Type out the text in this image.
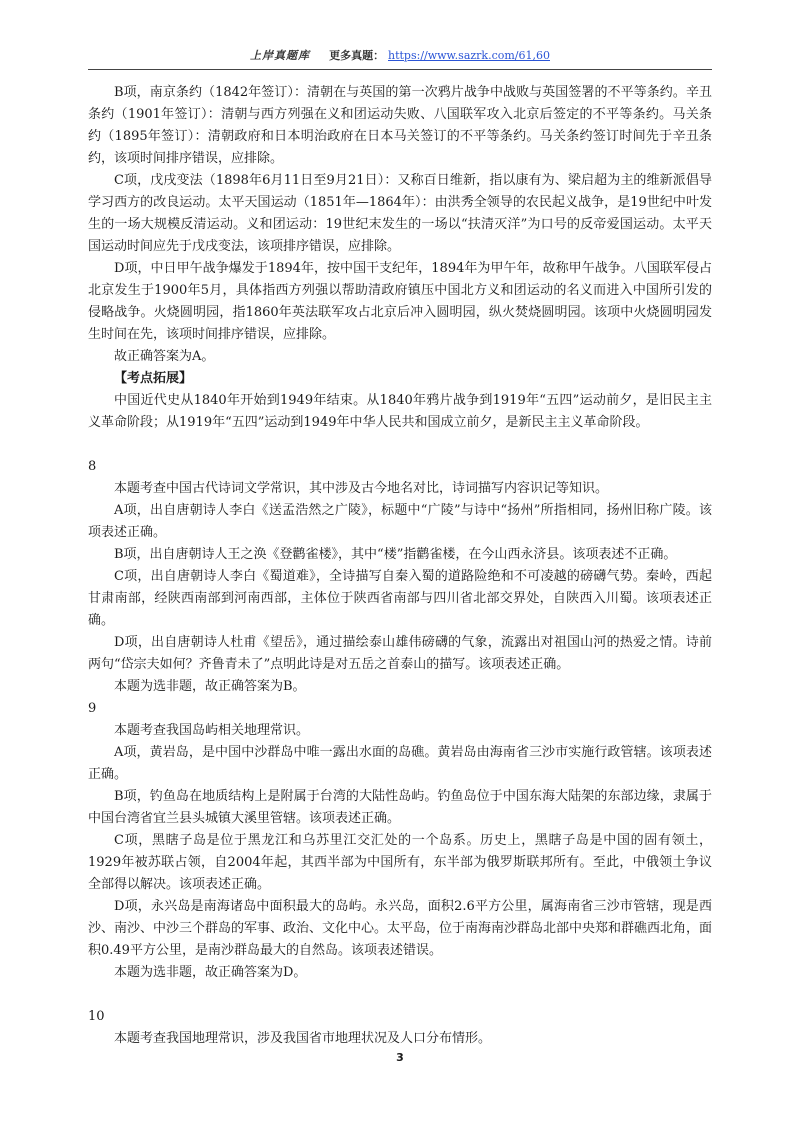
上岸真题库 更多真题： https://www.sazrk.com/61,60

B项，南京条约（1842年签订）：清朝在与英国的第一次鸦片战争中战败与英国签署的不平等条约。辛丑条约（1901年签订）：清朝与西方列强在义和团运动失败、八国联军攻入北京后签定的不平等条约。马关条约（1895年签订）：清朝政府和日本明治政府在日本马关签订的不平等条约。马关条约签订时间先于辛丑条约，该项时间排序错误，应排除。

C项，戊戌变法（1898年6月11日至9月21日）：又称百日维新，指以康有为、梁启超为主的维新派倡导学习西方的改良运动。太平天国运动（1851年—1864年）：由洪秀全领导的农民起义战争，是19世纪中叶发生的一场大规模反清运动。义和团运动：19世纪末发生的一场以“扶清灭洋”为口号的反帝爱国运动。太平天国运动时间应先于戊戌变法，该项排序错误，应排除。

D项，中日甲午战争爆发于1894年，按中国干支纪年，1894年为甲午年，故称甲午战争。八国联军侵占北京发生于1900年5月，具体指西方列强以帮助清政府镇压中国北方义和团运动的名义而进入中国所引发的侵略战争。火烧圆明园，指1860年英法联军攻占北京后冲入圆明园，纵火焚烧圆明园。该项中火烧圆明园发生时间在先，该项时间排序错误，应排除。

故正确答案为A。

【考点拓展】

中国近代史从1840年开始到1949年结束。从1840年鸦片战争到1919年“五四”运动前夕，是旧民主主义革命阶段；从1919年“五四”运动到1949年中华人民共和国成立前夕，是新民主主义革命阶段。

8

本题考查中国古代诗词文学常识，其中涉及古今地名对比，诗词描写内容识记等知识。

A项，出自唐朝诗人李白《送孟浩然之广陵》，标题中“广陵”与诗中“扬州”所指相同，扬州旧称广陵。该项表述正确。

B项，出自唐朝诗人王之涣《登鹳雀楼》，其中“楼”指鹳雀楼，在今山西永济县。该项表述不正确。

C项，出自唐朝诗人李白《蜀道难》，全诗描写自秦入蜀的道路险绝和不可凌越的磅礴气势。秦岭，西起甘肃南部，经陕西南部到河南西部，主体位于陕西省南部与四川省北部交界处，自陕西入川蜀。该项表述正确。

D项，出自唐朝诗人杜甫《望岳》，通过描绘泰山雄伟磅礴的气象，流露出对祖国山河的热爱之情。诗前两句“岱宗夫如何？齐鲁青未了”点明此诗是对五岳之首泰山的描写。该项表述正确。

本题为选非题，故正确答案为B。

9

本题考查我国岛屿相关地理常识。

A项，黄岩岛，是中国中沙群岛中唯一露出水面的岛礁。黄岩岛由海南省三沙市实施行政管辖。该项表述正确。

B项，钓鱼岛在地质结构上是附属于台湾的大陆性岛屿。钓鱼岛位于中国东海大陆架的东部边缘，隶属于中国台湾省宜兰县头城镇大溪里管辖。该项表述正确。

C项，黑瞎子岛是位于黑龙江和乌苏里江交汇处的一个岛系。历史上，黑瞎子岛是中国的固有领土，1929年被苏联占领，自2004年起，其西半部为中国所有，东半部为俄罗斯联邦所有。至此，中俄领土争议全部得以解决。该项表述正确。

D项，永兴岛是南海诸岛中面积最大的岛屿。永兴岛，面积2.6平方公里，属海南省三沙市管辖，现是西沙、南沙、中沙三个群岛的军事、政治、文化中心。太平岛，位于南海南沙群岛北部中央郑和群礁西北角，面积0.49平方公里，是南沙群岛最大的自然岛。该项表述错误。

本题为选非题，故正确答案为D。

10

本题考查我国地理常识，涉及我国省市地理状况及人口分布情形。

3
